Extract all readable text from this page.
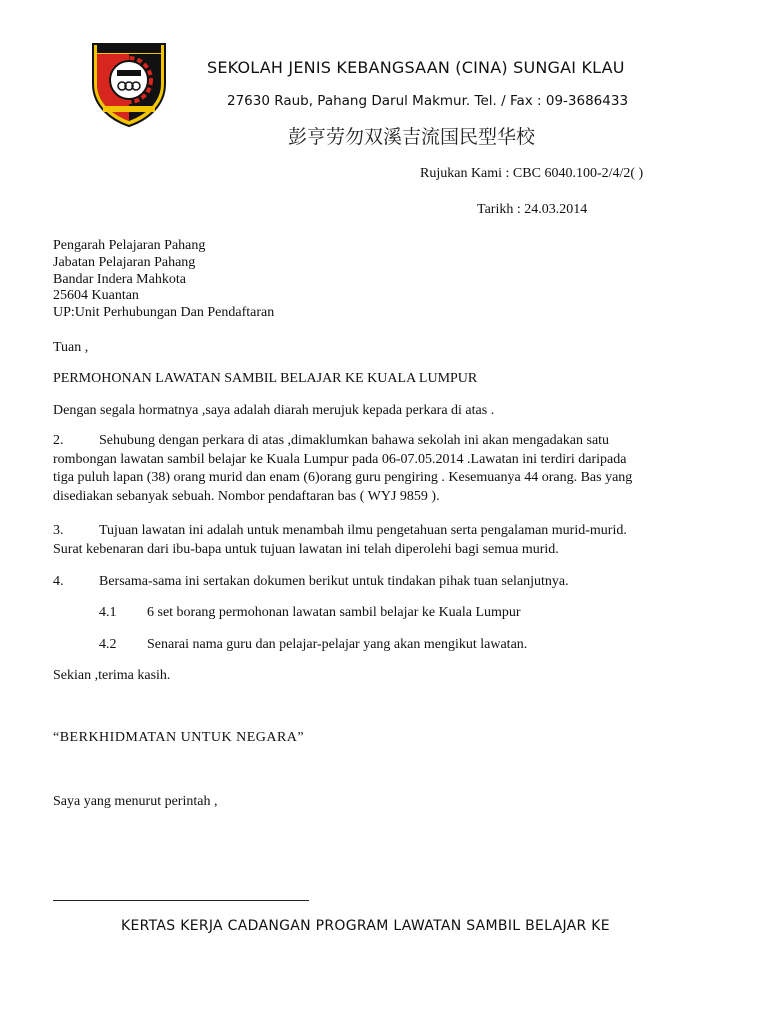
SEKOLAH JENIS KEBANGSAAN (CINA) SUNGAI KLAU
27630 Raub, Pahang Darul Makmur. Tel. / Fax : 09-3686433
彭亨劳勿双溪吉流国民型华校
Rujukan Kami : CBC 6040.100-2/4/2( )
Tarikh : 24.03.2014
Pengarah Pelajaran Pahang
Jabatan Pelajaran Pahang
Bandar Indera Mahkota
25604 Kuantan
UP:Unit Perhubungan Dan Pendaftaran
Tuan ,
PERMOHONAN LAWATAN SAMBIL BELAJAR KE KUALA LUMPUR
Dengan segala hormatnya ,saya adalah diarah merujuk kepada perkara di atas .
2.	Sehubung dengan perkara di atas ,dimaklumkan bahawa sekolah ini akan mengadakan satu
rombongan lawatan sambil belajar ke Kuala Lumpur pada 06-07.05.2014 .Lawatan ini terdiri daripada
tiga puluh lapan (38) orang murid dan enam (6)orang guru pengiring . Kesemuanya 44 orang. Bas yang
disediakan sebanyak sebuah. Nombor pendaftaran bas ( WYJ 9859 ).
3.	Tujuan lawatan ini adalah untuk menambah ilmu pengetahuan serta pengalaman murid-murid.
Surat kebenaran dari ibu-bapa untuk tujuan lawatan ini telah diperolehi bagi semua murid.
4.	Bersama-sama ini sertakan dokumen berikut untuk tindakan pihak tuan selanjutnya.
4.1 6 set borang permohonan lawatan sambil belajar ke Kuala Lumpur
4.2 Senarai nama guru dan pelajar-pelajar yang akan mengikut lawatan.
Sekian ,terima kasih.
“BERKHIDMATAN UNTUK NEGARA”
Saya yang menurut perintah ,
KERTAS KERJA CADANGAN PROGRAM LAWATAN SAMBIL BELAJAR KE
